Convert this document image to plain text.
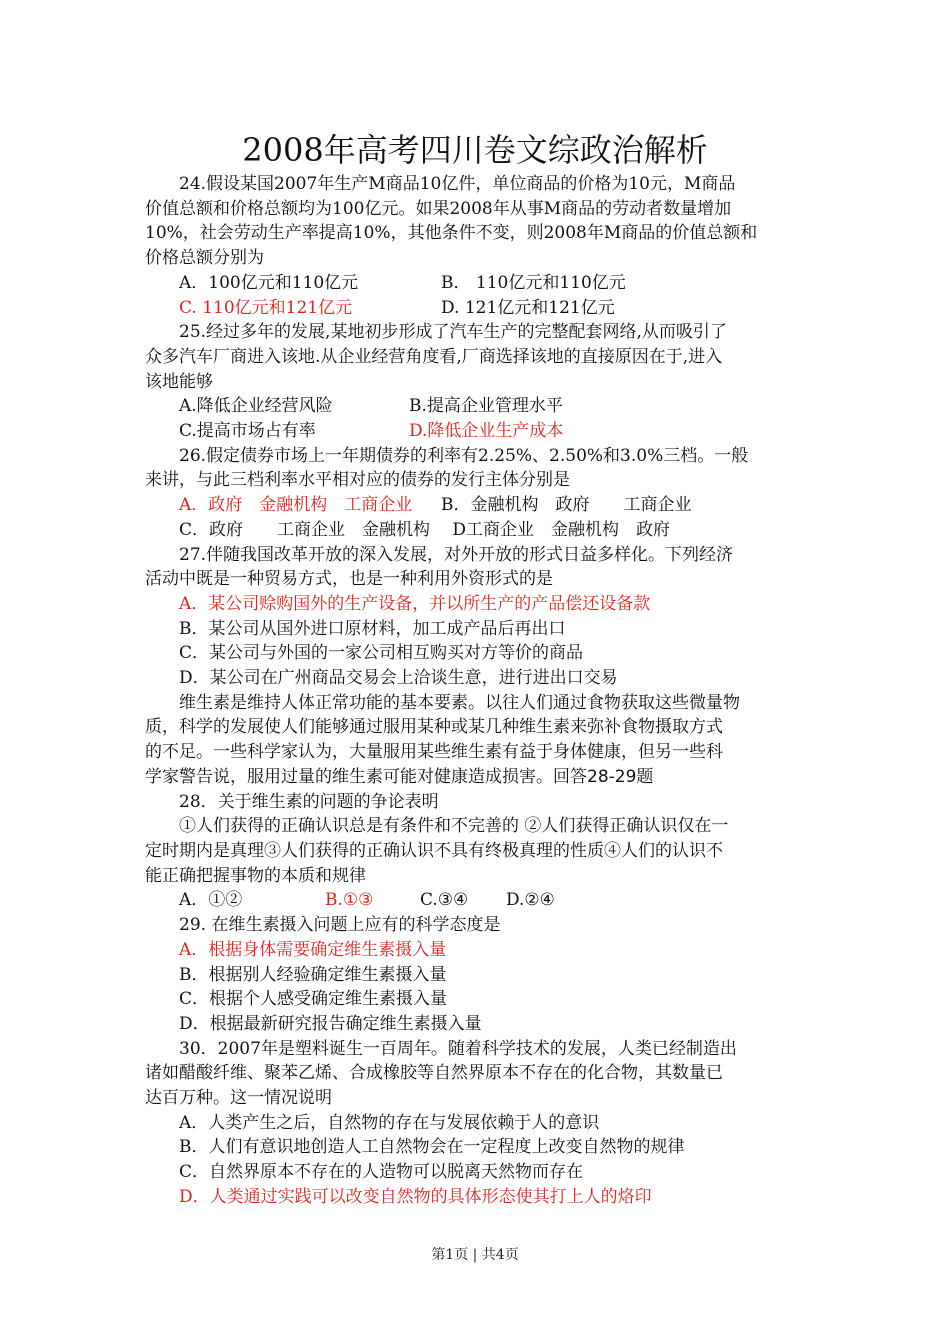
2008年高考四川卷文综政治解析
24.假设某国2007年生产M商品10亿件，单位商品的价格为10元，M商品
价值总额和价格总额均为100亿元。如果2008年从事M商品的劳动者数量增加
10%，社会劳动生产率提高10%，其他条件不变，则2008年M商品的价值总额和
价格总额分别为
A．100亿元和110亿元	B． 110亿元和110亿元
C. 110亿元和121亿元	D. 121亿元和121亿元
25.经过多年的发展,某地初步形成了汽车生产的完整配套网络,从而吸引了
众多汽车厂商进入该地.从企业经营角度看,厂商选择该地的直接原因在于,进入
该地能够
A.降低企业经营风险	B.提高企业管理水平
C.提高市场占有率	D.降低企业生产成本
26.假定债券市场上一年期债券的利率有2.25%、2.50%和3.0%三档。一般
来讲，与此三档利率水平相对应的债券的发行主体分别是
A．政府　金融机构　工商企业 B．金融机构　政府　　工商企业
C．政府　　工商企业　金融机构　 D工商企业　金融机构　政府
27.伴随我国改革开放的深入发展，对外开放的形式日益多样化。下列经济
活动中既是一种贸易方式，也是一种利用外资形式的是
A．某公司赊购国外的生产设备，并以所生产的产品偿还设备款
B．某公司从国外进口原材料，加工成产品后再出口
C．某公司与外国的一家公司相互购买对方等价的商品
D．某公司在广州商品交易会上洽谈生意，进行进出口交易
维生素是维持人体正常功能的基本要素。以往人们通过食物获取这些微量物
质，科学的发展使人们能够通过服用某种或某几种维生素来弥补食物摄取方式
的不足。一些科学家认为，大量服用某些维生素有益于身体健康，但另一些科
学家警告说，服用过量的维生素可能对健康造成损害。回答28-29题
28．关于维生素的问题的争论表明
①人们获得的正确认识总是有条件和不完善的 ②人们获得正确认识仅在一
定时期内是真理③人们获得的正确认识不具有终极真理的性质④人们的认识不
能正确把握事物的本质和规律
A．①②	B.①③	C.③④ D.②④
29. 在维生素摄入问题上应有的科学态度是
A．根据身体需要确定维生素摄入量
B．根据别人经验确定维生素摄入量
C．根据个人感受确定维生素摄入量
D．根据最新研究报告确定维生素摄入量
30．2007年是塑料诞生一百周年。随着科学技术的发展，人类已经制造出
诸如醋酸纤维、聚苯乙烯、合成橡胶等自然界原本不存在的化合物，其数量已
达百万种。这一情况说明
A．人类产生之后，自然物的存在与发展依赖于人的意识
B．人们有意识地创造人工自然物会在一定程度上改变自然物的规律
C．自然界原本不存在的人造物可以脱离天然物而存在
D．人类通过实践可以改变自然物的具体形态使其打上人的烙印
第1页 | 共4页
